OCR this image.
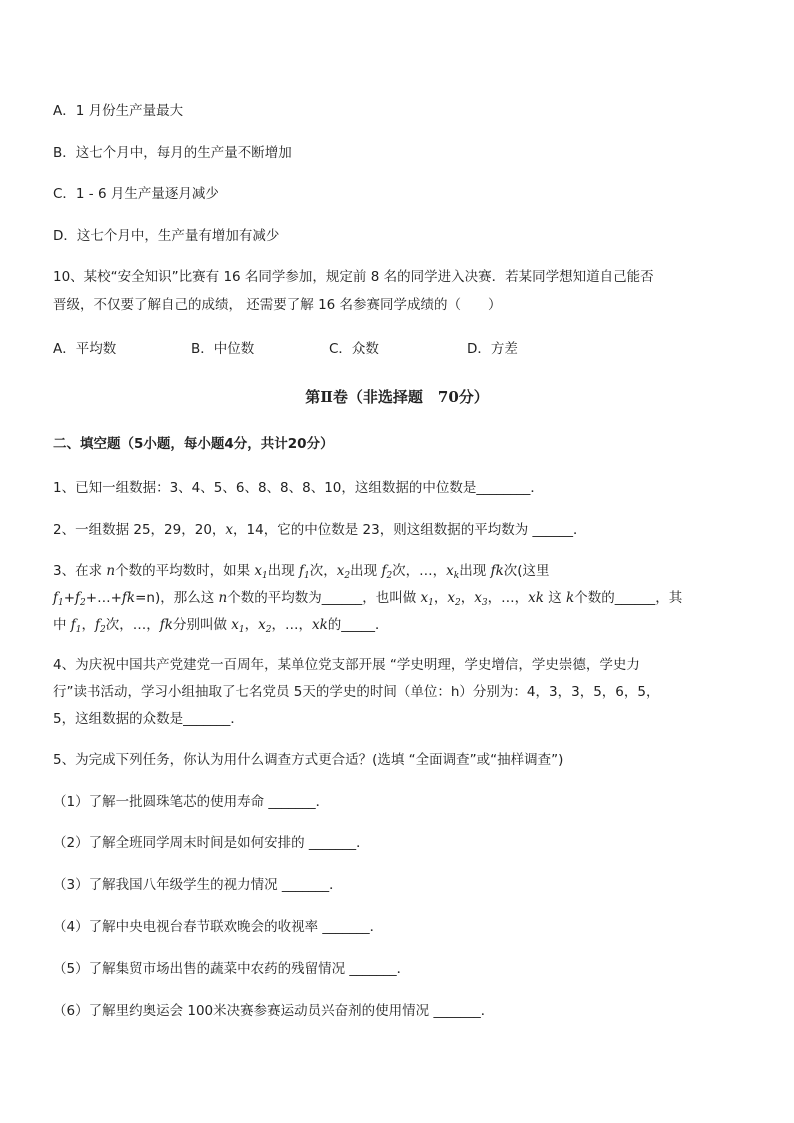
A．1 月份生产量最大
B．这七个月中，每月的生产量不断增加
C．1 - 6 月生产量逐月减少
D．这七个月中，生产量有增加有减少
10、某校“安全知识”比赛有 16 名同学参加，规定前 8 名的同学进入决赛．若某同学想知道自己能否
晋级，不仅要了解自己的成绩， 还需要了解 16 名参赛同学成绩的（　　）
A．平均数	B．中位数	C．众数	D．方差
第Ⅱ卷（非选择题　70分）
二、填空题（5小题，每小题4分，共计20分）
1、已知一组数据：3、4、5、6、8、8、8、10，这组数据的中位数是________．
2、一组数据 25，29，20，x，14，它的中位数是 23，则这组数据的平均数为 ______．
3、在求 n个数的平均数时，如果 $x_1$出现 $f_1$次，$x_2$出现 $f_2$次，…，$x_k$出现 fk次(这里
$f_1+f_2+\dots+fk=n$)，那么这 n个数的平均数为______，也叫做 $x_1$，$x_2$，$x_3$，…，xk 这 k个数的______，其
中 $f_1$，$f_2$次，…，fk分别叫做 $x_1$，$x_2$，…，xk的_____．
4、为庆祝中国共产党建党一百周年，某单位党支部开展 “学史明理，学史增信，学史崇德，学史力
行”读书活动，学习小组抽取了七名党员 5天的学史的时间（单位：h）分别为：4，3，3，5，6，5，
5，这组数据的众数是_______．
5、为完成下列任务，你认为用什么调查方式更合适？(选填 “全面调查”或“抽样调查”)
（1）了解一批圆珠笔芯的使用寿命 _______．
（2）了解全班同学周末时间是如何安排的 _______．
（3）了解我国八年级学生的视力情况 _______．
（4）了解中央电视台春节联欢晚会的收视率 _______．
（5）了解集贸市场出售的蔬菜中农药的残留情况 _______．
（6）了解里约奥运会 100米决赛参赛运动员兴奋剂的使用情况 _______．
